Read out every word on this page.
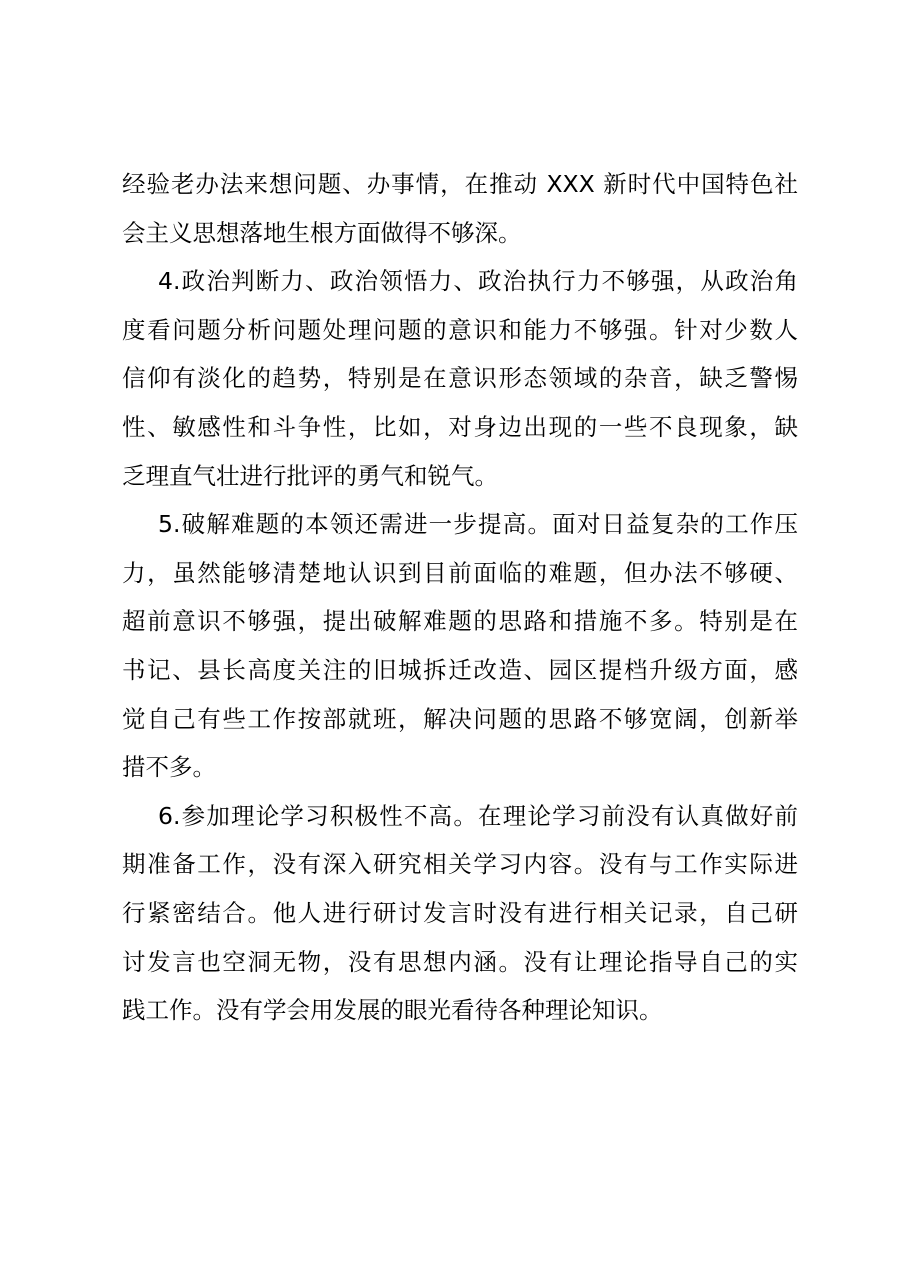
经验老办法来想问题、办事情，在推动 XXX 新时代中国特色社
会主义思想落地生根方面做得不够深。
4.政治判断力、政治领悟力、政治执行力不够强，从政治角
度看问题分析问题处理问题的意识和能力不够强。针对少数人
信仰有淡化的趋势，特别是在意识形态领域的杂音，缺乏警惕
性、敏感性和斗争性，比如，对身边出现的一些不良现象，缺
乏理直气壮进行批评的勇气和锐气。
5.破解难题的本领还需进一步提高。面对日益复杂的工作压
力，虽然能够清楚地认识到目前面临的难题，但办法不够硬、
超前意识不够强，提出破解难题的思路和措施不多。特别是在
书记、县长高度关注的旧城拆迁改造、园区提档升级方面，感
觉自己有些工作按部就班，解决问题的思路不够宽阔，创新举
措不多。
6.参加理论学习积极性不高。在理论学习前没有认真做好前
期准备工作，没有深入研究相关学习内容。没有与工作实际进
行紧密结合。他人进行研讨发言时没有进行相关记录，自己研
讨发言也空洞无物，没有思想内涵。没有让理论指导自己的实
践工作。没有学会用发展的眼光看待各种理论知识。
